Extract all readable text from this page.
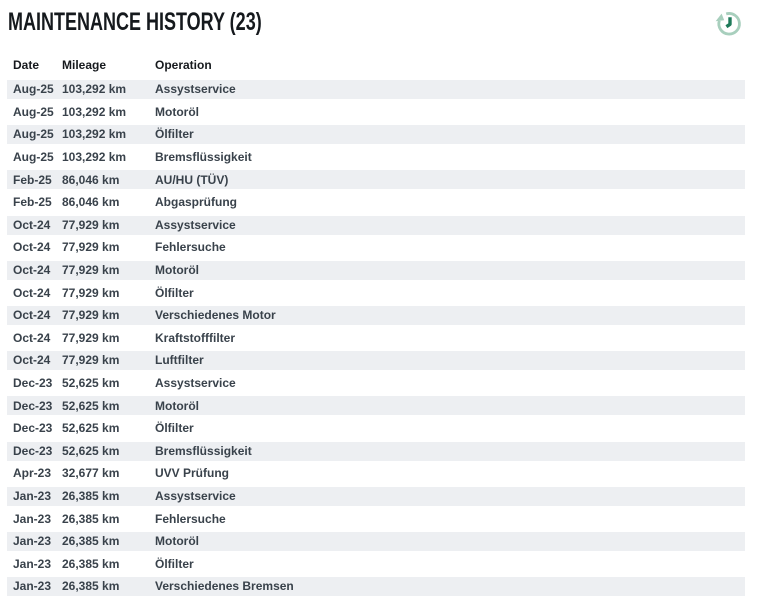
MAINTENANCE HISTORY (23)
Date	Mileage	Operation
Aug-25 103,292 km	Assystservice
Aug-25 103,292 km	Motoröl
Aug-25 103,292 km	Ölfilter
Aug-25 103,292 km	Bremsflüssigkeit
Feb-25 86,046 km	AU/HU (TÜV)
Feb-25 86,046 km	Abgasprüfung
Oct-24 77,929 km	Assystservice
Oct-24 77,929 km	Fehlersuche
Oct-24 77,929 km	Motoröl
Oct-24 77,929 km	Ölfilter
Oct-24 77,929 km	Verschiedenes Motor
Oct-24 77,929 km	Kraftstofffilter
Oct-24 77,929 km	Luftfilter
Dec-23 52,625 km	Assystservice
Dec-23 52,625 km	Motoröl
Dec-23 52,625 km	Ölfilter
Dec-23 52,625 km	Bremsflüssigkeit
Apr-23 32,677 km	UVV Prüfung
Jan-23 26,385 km	Assystservice
Jan-23 26,385 km	Fehlersuche
Jan-23 26,385 km	Motoröl
Jan-23 26,385 km	Ölfilter
Jan-23 26,385 km	Verschiedenes Bremsen
